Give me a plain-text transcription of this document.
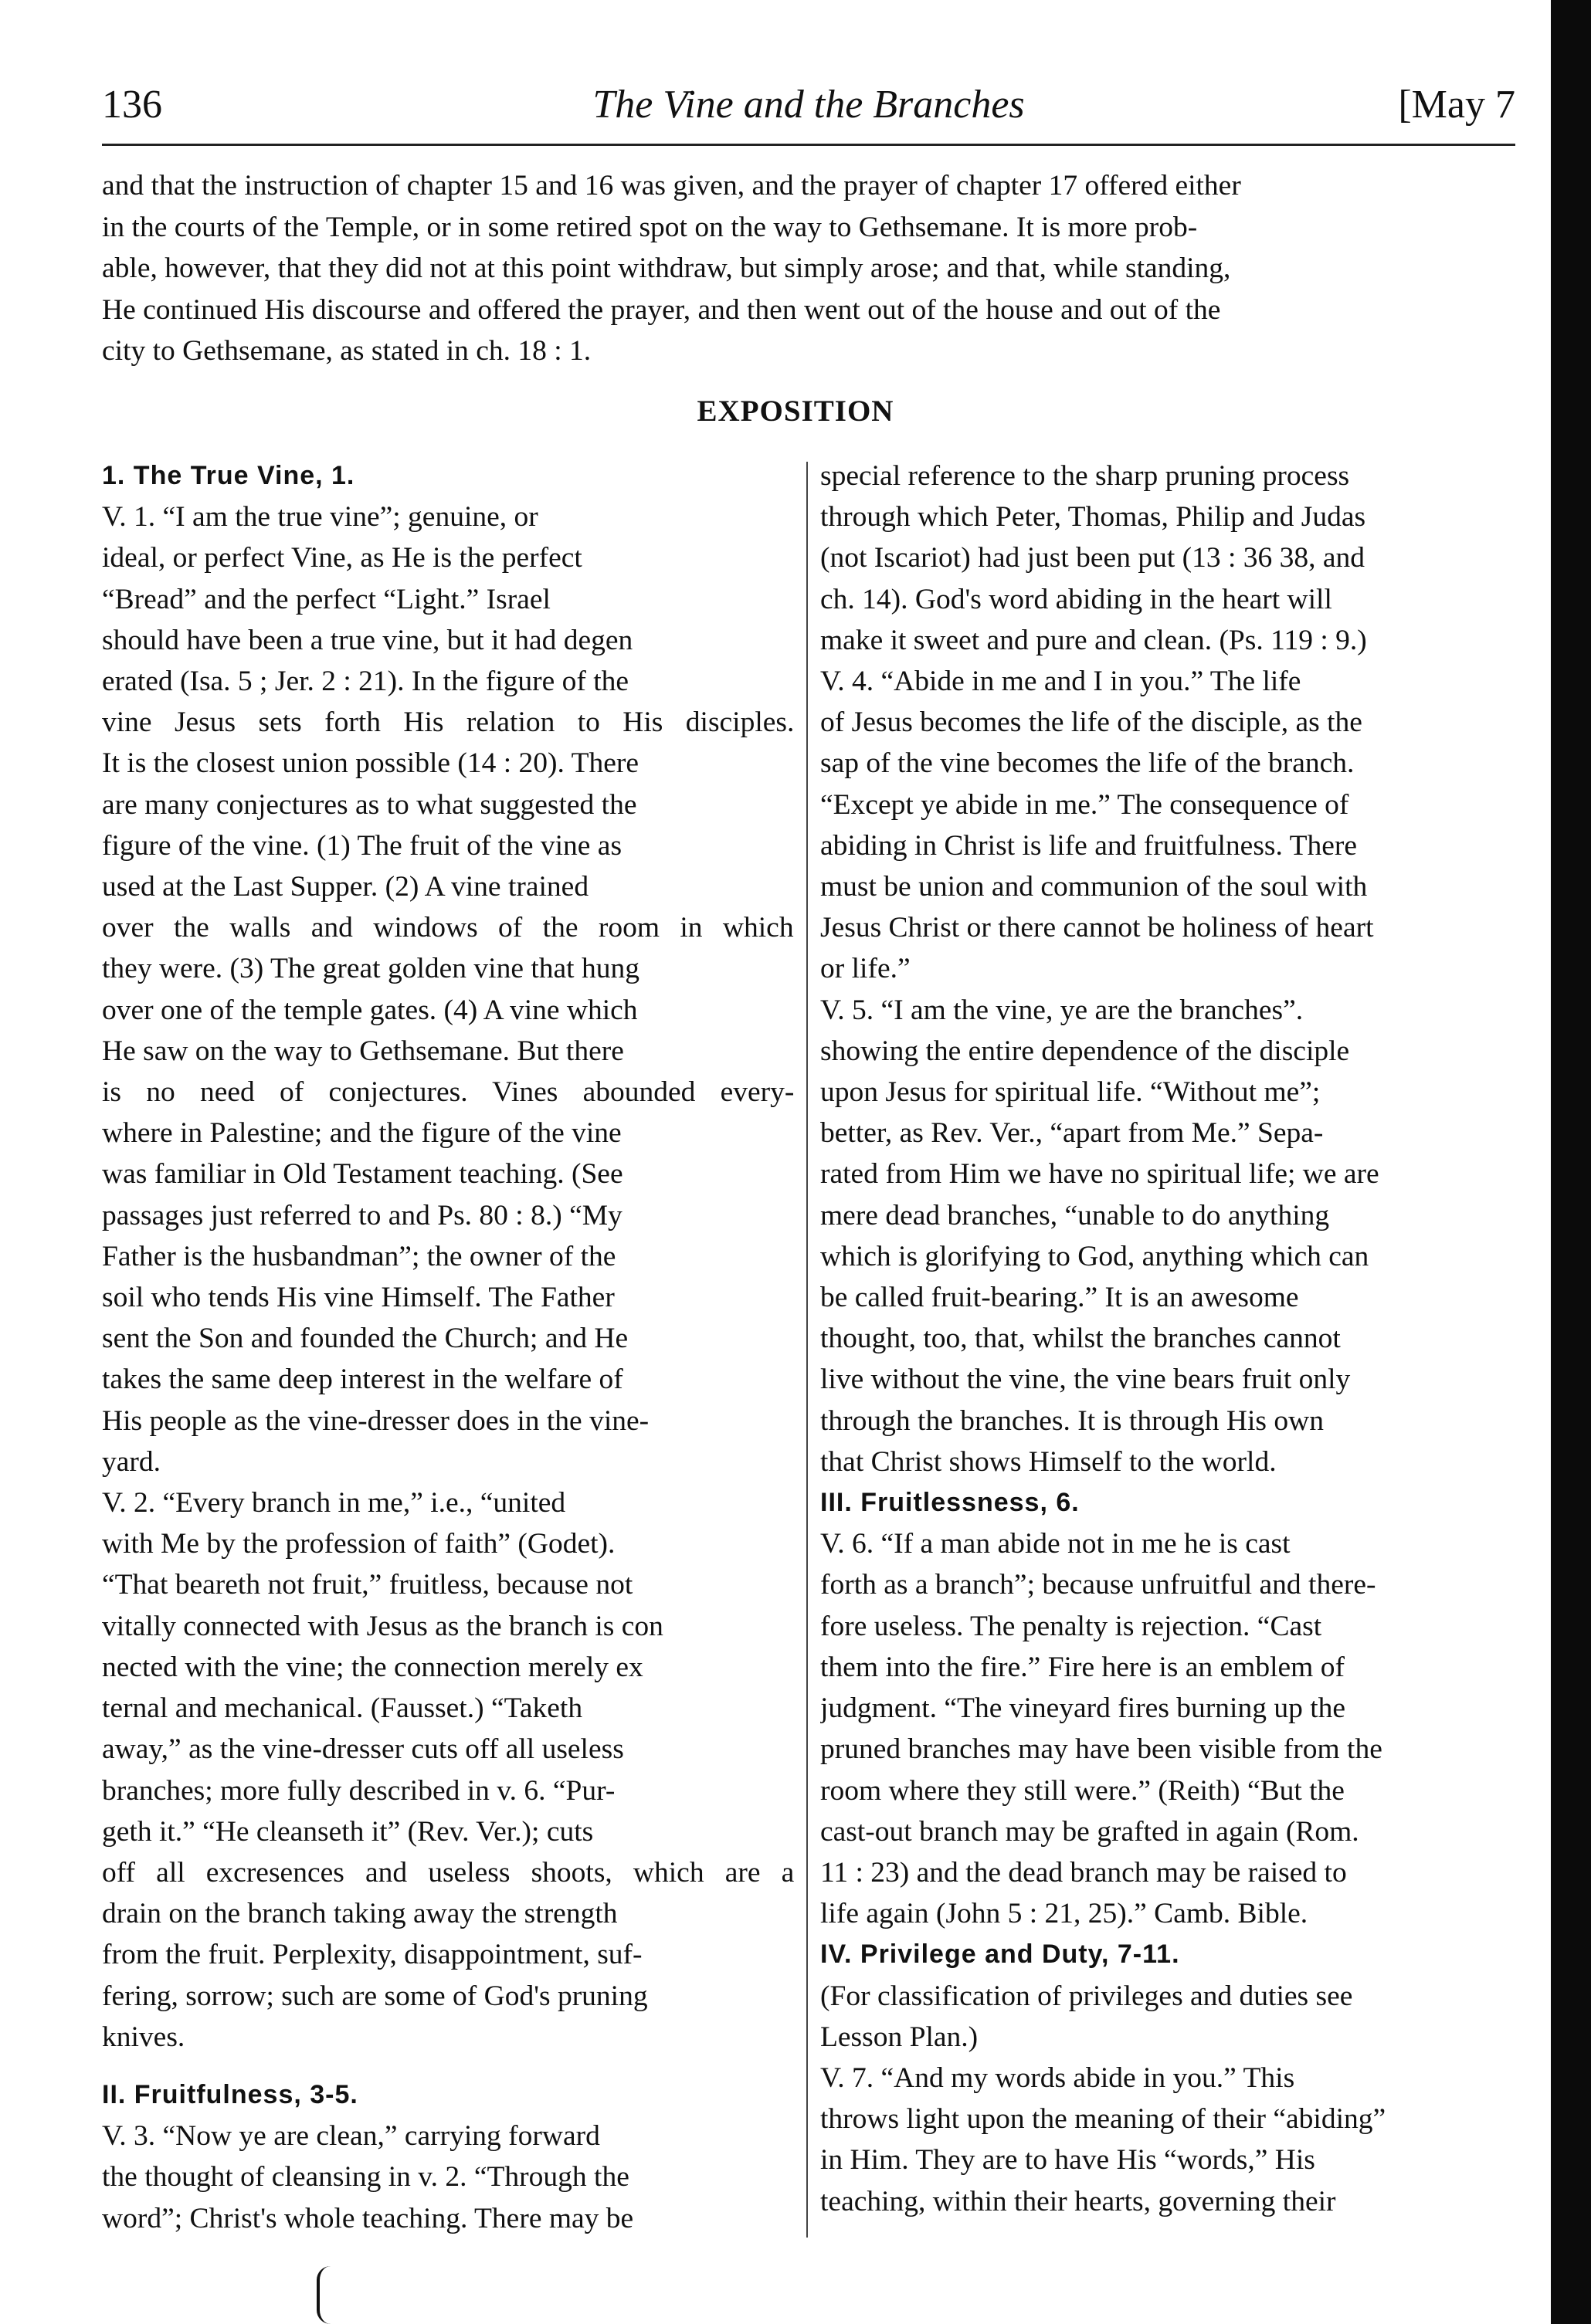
136	The Vine and the Branches	[May 7
and that the instruction of chapter 15 and 16 was given, and the prayer of chapter 17 offered either
in the courts of the Temple, or in some retired spot on the way to Gethsemane. It is more prob-
able, however, that they did not at this point withdraw, but simply arose; and that, while standing,
He continued His discourse and offered the prayer, and then went out of the house and out of the
city to Gethsemane, as stated in ch. 18 : 1.
EXPOSITION
1. The True Vine, 1.
V. 1. “I am the true vine”; genuine, or
ideal, or perfect Vine, as He is the perfect
“Bread” and the perfect “Light.” Israel
should have been a true vine, but it had degen
erated (Isa. 5 ; Jer. 2 : 21). In the figure of the
vine Jesus sets forth His relation to His disciples.
It is the closest union possible (14 : 20). There
are many conjectures as to what suggested the
figure of the vine. (1) The fruit of the vine as
used at the Last Supper. (2) A vine trained
over the walls and windows of the room in which
they were. (3) The great golden vine that hung
over one of the temple gates. (4) A vine which
He saw on the way to Gethsemane. But there
is no need of conjectures. Vines abounded every-
where in Palestine; and the figure of the vine
was familiar in Old Testament teaching. (See
passages just referred to and Ps. 80 : 8.) “My
Father is the husbandman”; the owner of the
soil who tends His vine Himself. The Father
sent the Son and founded the Church; and He
takes the same deep interest in the welfare of
His people as the vine-dresser does in the vine-
yard.
V. 2. “Every branch in me,” i.e., “united
with Me by the profession of faith” (Godet).
“That beareth not fruit,” fruitless, because not
vitally connected with Jesus as the branch is con
nected with the vine; the connection merely ex
ternal and mechanical. (Fausset.) “Taketh
away,” as the vine-dresser cuts off all useless
branches; more fully described in v. 6. “Pur-
geth it.” “He cleanseth it” (Rev. Ver.); cuts
off all excresences and useless shoots, which are a
drain on the branch taking away the strength
from the fruit. Perplexity, disappointment, suf-
fering, sorrow; such are some of God's pruning
knives.
II. Fruitfulness, 3-5.
V. 3. “Now ye are clean,” carrying forward
the thought of cleansing in v. 2. “Through the
word”; Christ's whole teaching. There may be
special reference to the sharp pruning process
through which Peter, Thomas, Philip and Judas
(not Iscariot) had just been put (13 : 36 38, and
ch. 14). God's word abiding in the heart will
make it sweet and pure and clean. (Ps. 119 : 9.)
V. 4. “Abide in me and I in you.” The life
of Jesus becomes the life of the disciple, as the
sap of the vine becomes the life of the branch.
“Except ye abide in me.” The consequence of
abiding in Christ is life and fruitfulness. There
must be union and communion of the soul with
Jesus Christ or there cannot be holiness of heart
or life.”
V. 5. “I am the vine, ye are the branches”.
showing the entire dependence of the disciple
upon Jesus for spiritual life. “Without me”;
better, as Rev. Ver., “apart from Me.” Sepa-
rated from Him we have no spiritual life; we are
mere dead branches, “unable to do anything
which is glorifying to God, anything which can
be called fruit-bearing.” It is an awesome
thought, too, that, whilst the branches cannot
live without the vine, the vine bears fruit only
through the branches. It is through His own
that Christ shows Himself to the world.
III. Fruitlessness, 6.
V. 6. “If a man abide not in me he is cast
forth as a branch”; because unfruitful and there-
fore useless. The penalty is rejection. “Cast
them into the fire.” Fire here is an emblem of
judgment. “The vineyard fires burning up the
pruned branches may have been visible from the
room where they still were.” (Reith) “But the
cast-out branch may be grafted in again (Rom.
11 : 23) and the dead branch may be raised to
life again (John 5 : 21, 25).” Camb. Bible.
IV. Privilege and Duty, 7-11.
(For classification of privileges and duties see
Lesson Plan.)
V. 7. “And my words abide in you.” This
throws light upon the meaning of their “abiding”
in Him. They are to have His “words,” His
teaching, within their hearts, governing their
